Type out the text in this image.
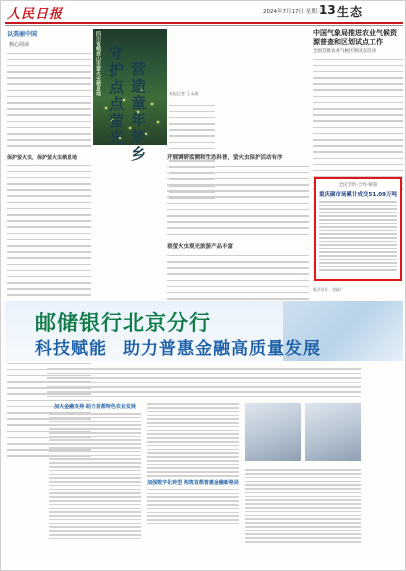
人民日报	2024年7月17日 星期三
13 生态
以美丽中国
核心阅读

保护萤火虫，保护萤火虫栖息地

四川省峨眉山市萤火虫栖息地 守护点点萤光 营造童年梦乡	本报记者 王永战

开展调研监测和生态科普，萤火虫保护活动有序

看萤火虫观光旅游产品丰富

中国气象局推进农业气候资源普查和区划试点工作
全国首批农业气候区划试点启动

全民节约·合作·统筹
重庆碳市场累计成交51.09万吨
版式设计：刘福广
邮储银行北京分行
科技赋能 助力普惠金融高质量发展
加大金融支持 助力首都特色农业发展
加强数字化转型 构筑首都普惠金融新格局
